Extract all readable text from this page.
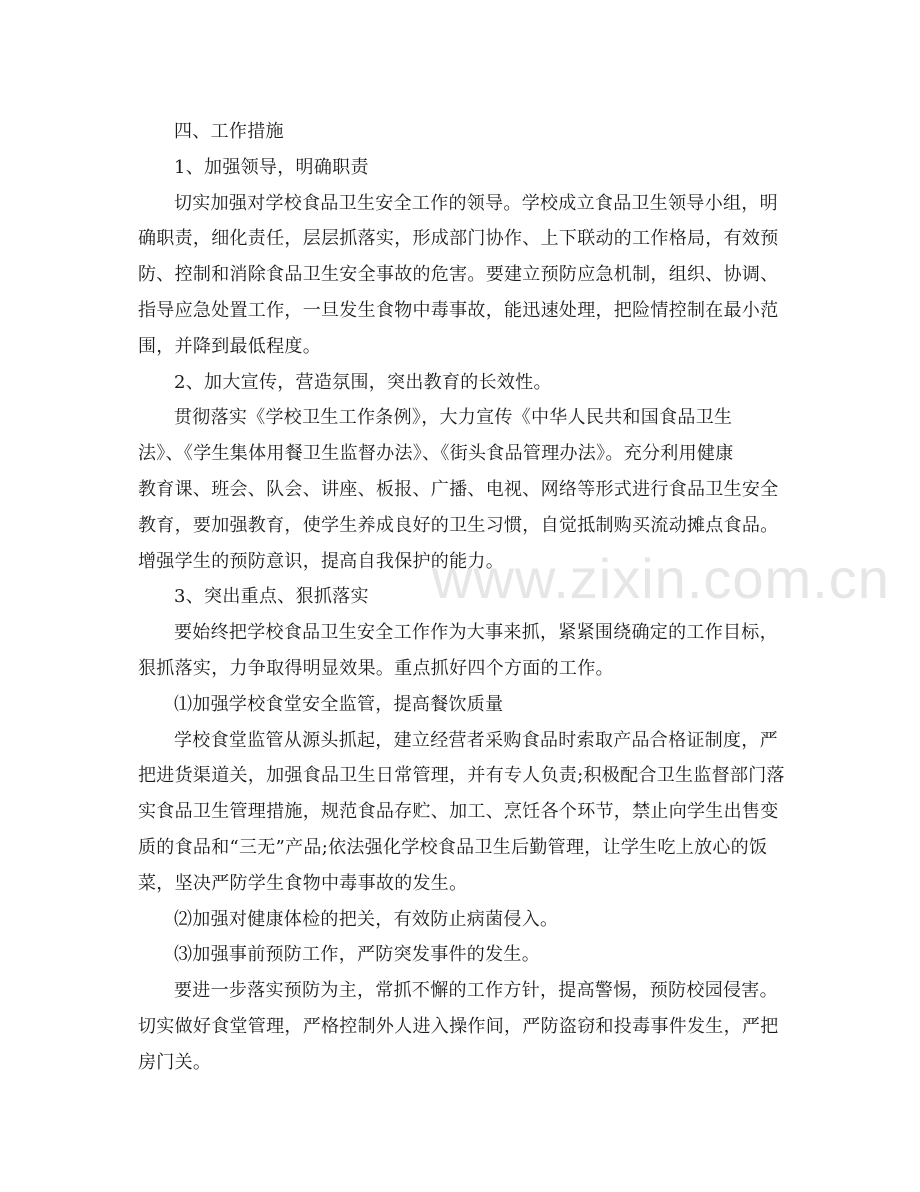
www.zixin.com.cn
四、工作措施
1、加强领导，明确职责
切实加强对学校食品卫生安全工作的领导。学校成立食品卫生领导小组，明
确职责，细化责任，层层抓落实，形成部门协作、上下联动的工作格局，有效预
防、控制和消除食品卫生安全事故的危害。要建立预防应急机制，组织、协调、
指导应急处置工作，一旦发生食物中毒事故，能迅速处理，把险情控制在最小范
围，并降到最低程度。
2、加大宣传，营造氛围，突出教育的长效性。
贯彻落实《学校卫生工作条例》，大力宣传《中华人民共和国食品卫生
法》、《学生集体用餐卫生监督办法》、《街头食品管理办法》。充分利用健康
教育课、班会、队会、讲座、板报、广播、电视、网络等形式进行食品卫生安全
教育，要加强教育，使学生养成良好的卫生习惯，自觉抵制购买流动摊点食品。
增强学生的预防意识，提高自我保护的能力。
3、突出重点、狠抓落实
要始终把学校食品卫生安全工作作为大事来抓，紧紧围绕确定的工作目标，
狠抓落实，力争取得明显效果。重点抓好四个方面的工作。
⑴加强学校食堂安全监管，提高餐饮质量
学校食堂监管从源头抓起，建立经营者采购食品时索取产品合格证制度，严
把进货渠道关，加强食品卫生日常管理，并有专人负责;积极配合卫生监督部门落
实食品卫生管理措施，规范食品存贮、加工、烹饪各个环节，禁止向学生出售变
质的食品和“三无”产品;依法强化学校食品卫生后勤管理，让学生吃上放心的饭
菜，坚决严防学生食物中毒事故的发生。
⑵加强对健康体检的把关，有效防止病菌侵入。
⑶加强事前预防工作，严防突发事件的发生。
要进一步落实预防为主，常抓不懈的工作方针，提高警惕，预防校园侵害。
切实做好食堂管理，严格控制外人进入操作间，严防盗窃和投毒事件发生，严把
房门关。
